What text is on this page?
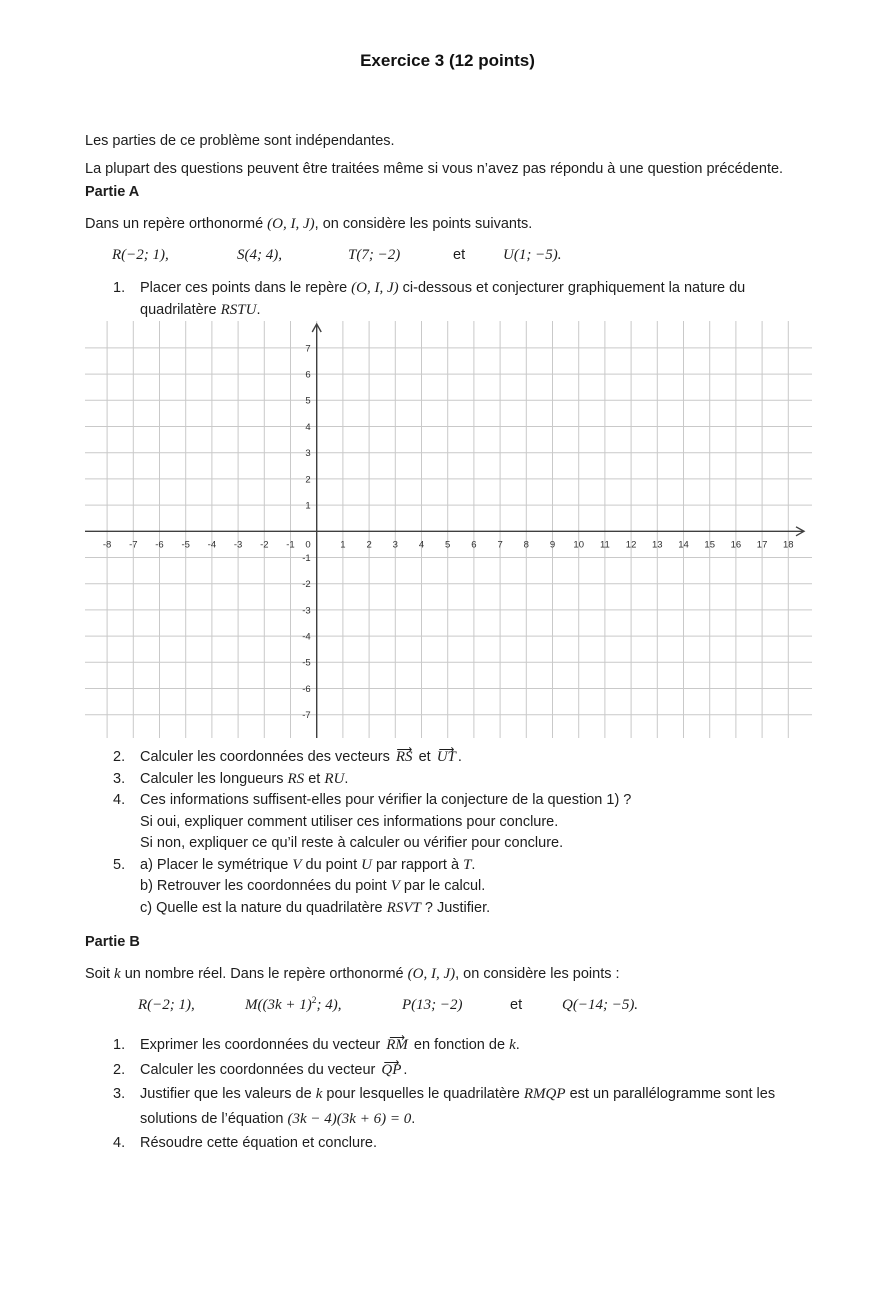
Exercice 3 (12 points)

Les parties de ce problème sont indépendantes.

La plupart des questions peuvent être traitées même si vous n’avez pas répondu à une question précédente.

Partie A

Dans un repère orthonormé (O, I, J), on considère les points suivants.
R(−2; 1),	S(4; 4),	T(7; −2)	et	U(1; −5).
1.	Placer ces points dans le repère (O, I, J) ci-dessous et conjecturer graphiquement la nature du quadrilatère RSTU.
-8 -7 -6 -5 -4 -3 -2 -1 0	1 2 3 4 5 6 7 8 9 10 11 12 13 14 15 16 17 18
7
6
5
4
3
2
1
-1
-2
-3
-4
-5
-6
-7
2.	Calculer les coordonnées des vecteurs ⟶ RS et ⟶ UT .
3.	Calculer les longueurs RS et RU.
4.	Ces informations suffisent-elles pour vérifier la conjecture de la question 1) ?
Si oui, expliquer comment utiliser ces informations pour conclure.
Si non, expliquer ce qu’il reste à calculer ou vérifier pour conclure.
5.	a) Placer le symétrique V du point U par rapport à T.
b) Retrouver les coordonnées du point V par le calcul.
c) Quelle est la nature du quadrilatère RSVT ? Justifier.

Partie B

Soit k un nombre réel. Dans le repère orthonormé (O, I, J), on considère les points :
R(−2; 1),	$M((3k + 1)^2$; 4),	P(13; −2)	et	Q(−14; −5).
1.	Exprimer les coordonnées du vecteur ⟶ RM en fonction de k.
2.	Calculer les coordonnées du vecteur ⟶ QP .
3.	Justifier que les valeurs de k pour lesquelles le quadrilatère RMQP est un parallélogramme sont les solutions de l’équation (3k − 4)(3k + 6) = 0.
4.	Résoudre cette équation et conclure.
